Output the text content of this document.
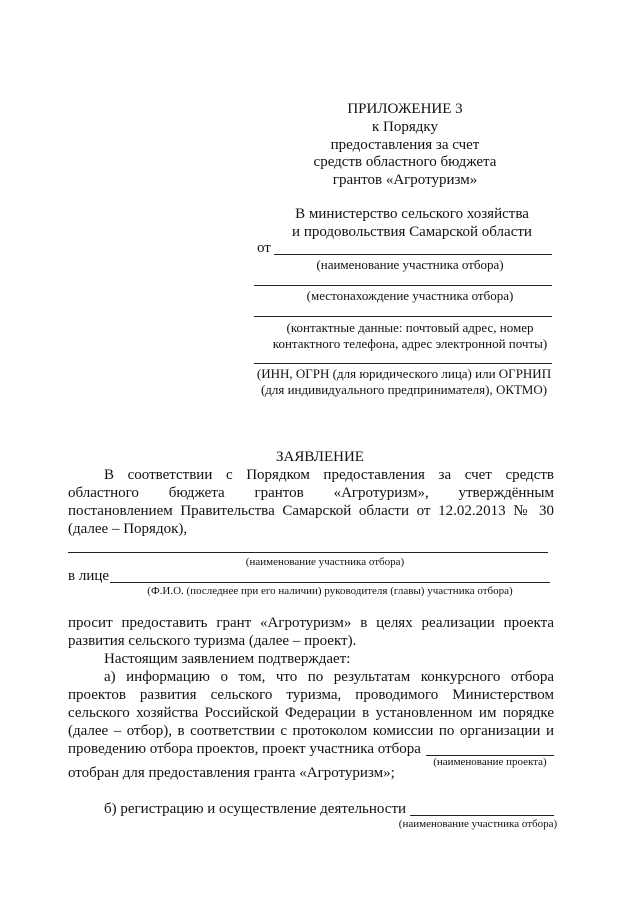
ПРИЛОЖЕНИЕ 3
к Порядку
предоставления за счет
средств областного бюджета
грантов «Агротуризм»
В министерство сельского хозяйства
и продовольствия Самарской области
от
(наименование участника отбора)
(местонахождение участника отбора)
(контактные данные: почтовый адрес, номер
контактного телефона, адрес электронной почты)
(ИНН, ОГРН (для юридического лица) или ОГРНИП
(для индивидуального предпринимателя), ОКТМО)
ЗАЯВЛЕНИЕ
В соответствии с Порядком предоставления за счет средств
областного бюджета грантов «Агротуризм», утверждённым
постановлением Правительства Самарской области от 12.02.2013 № 30
(далее – Порядок),
(наименование участника отбора)
в лице
(Ф.И.О. (последнее при его наличии) руководителя (главы) участника отбора)
просит предоставить грант «Агротуризм» в целях реализации проекта
развития сельского туризма (далее – проект).
Настоящим заявлением подтверждает:
а) информацию о том, что по результатам конкурсного отбора
проектов развития сельского туризма, проводимого Министерством
сельского хозяйства Российской Федерации в установленном им порядке
(далее – отбор), в соответствии с протоколом комиссии по организации и
проведению отбора проектов, проект участника отбора
(наименование проекта)
отобран для предоставления гранта «Агротуризм»;
б) регистрацию и осуществление деятельности
(наименование участника отбора)
